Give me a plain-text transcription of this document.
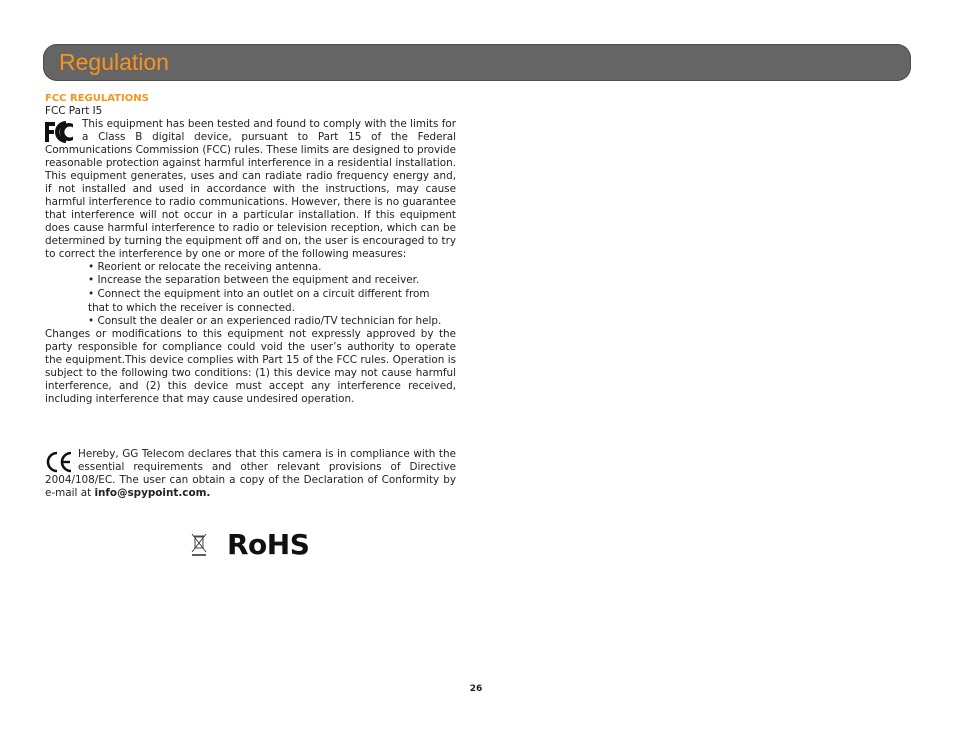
Regulation
FCC REGULATIONS
FCC Part I5

This equipment has been tested and found to comply with the limits for a Class B digital device, pursuant to Part 15 of the Federal Communications Commission (FCC) rules. These limits are designed to provide reasonable protection against harmful interference in a residential installation. This equipment generates, uses and can radiate radio frequency energy and, if not installed and used in accordance with the instructions, may cause harmful interference to radio communications. However, there is no guarantee that interference will not occur in a particular installation. If this equipment does cause harmful interference to radio or television reception, which can be determined by turning the equipment off and on, the user is encouraged to try to correct the interference by one or more of the following measures:

• Reorient or relocate the receiving antenna.
• Increase the separation between the equipment and receiver.
• Connect the equipment into an outlet on a circuit different from that to which the receiver is connected.
• Consult the dealer or an experienced radio/TV technician for help.

Changes or modifications to this equipment not expressly approved by the party responsible for compliance could void the user’s authority to operate the equipment.This device complies with Part 15 of the FCC rules. Operation is subject to the following two conditions: (1) this device may not cause harmful interference, and (2) this device must accept any interference received, including interference that may cause undesired operation.

Hereby, GG Telecom declares that this camera is in compliance with the essential requirements and other relevant provisions of Directive 2004/108/EC. The user can obtain a copy of the Declaration of Conformity by e-mail at info@spypoint.com.

RoHS
26
